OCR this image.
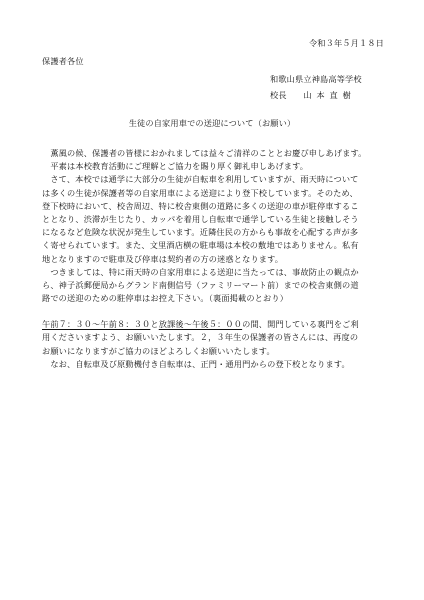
令和３年５月１８日
保護者各位
和歌山県立神島高等学校
校長　　山 本 直 樹
生徒の自家用車での送迎について（お願い）
　薫風の候、保護者の皆様におかれましては益々ご清祥のこととお慶び申しあげます。
　平素は本校教育活動にご理解とご協力を賜り厚く御礼申しあげます。
　さて、本校では通学に大部分の生徒が自転車を利用していますが、雨天時について
は多くの生徒が保護者等の自家用車による送迎により登下校しています。そのため、
登下校時において、校舎周辺、特に校舎東側の道路に多くの送迎の車が駐停車するこ
ととなり、渋滞が生じたり、カッパを着用し自転車で通学している生徒と接触しそう
になるなど危険な状況が発生しています。近隣住民の方からも事故を心配する声が多
く寄せられています。また、文里酒店横の駐車場は本校の敷地ではありません。私有
地となりますので駐車及び停車は契約者の方の迷惑となります。
　つきましては、特に雨天時の自家用車による送迎に当たっては、事故防止の観点か
ら、神子浜郵便局からグランド南側信号（ファミリーマート前）までの校舎東側の道
路での送迎のための駐停車はお控え下さい。（裏面掲載のとおり）
午前７：３０～午前８：３０と放課後～午後５：００の間、開門している裏門をご利
用くださいますよう、お願いいたします。２，３年生の保護者の皆さんには、再度の
お願いになりますがご協力のほどよろしくお願いいたします。
　なお、自転車及び原動機付き自転車は、正門・通用門からの登下校となります。
